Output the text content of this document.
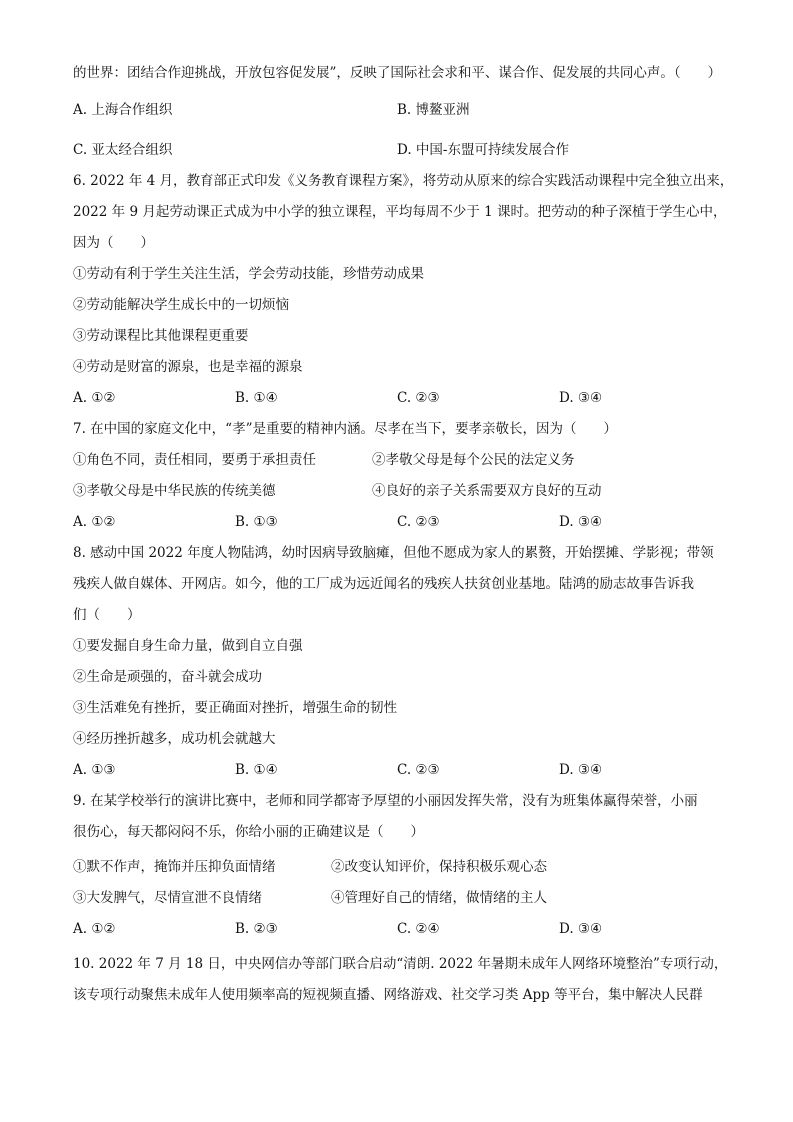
的世界：团结合作迎挑战，开放包容促发展”，反映了国际社会求和平、谋合作、促发展的共同心声。（　　）
A. 上海合作组织	B. 博鳌亚洲
C. 亚太经合组织	D. 中国-东盟可持续发展合作
6. 2022 年 4 月，教育部正式印发《义务教育课程方案》，将劳动从原来的综合实践活动课程中完全独立出来，
2022 年 9 月起劳动课正式成为中小学的独立课程，平均每周不少于 1 课时。把劳动的种子深植于学生心中，
因为（　　）
①劳动有利于学生关注生活，学会劳动技能，珍惜劳动成果
②劳动能解决学生成长中的一切烦恼
③劳动课程比其他课程更重要
④劳动是财富的源泉，也是幸福的源泉
A. ①②	B. ①④	C. ②③	D. ③④
7. 在中国的家庭文化中，“孝”是重要的精神内涵。尽孝在当下，要孝亲敬长，因为（　　）
①角色不同，责任相同，要勇于承担责任	②孝敬父母是每个公民的法定义务
③孝敬父母是中华民族的传统美德	④良好的亲子关系需要双方良好的互动
A. ①②	B. ①③	C. ②③	D. ③④
8. 感动中国 2022 年度人物陆鸿，幼时因病导致脑瘫，但他不愿成为家人的累赘，开始摆摊、学影视；带领
残疾人做自媒体、开网店。如今，他的工厂成为远近闻名的残疾人扶贫创业基地。陆鸿的励志故事告诉我
们（　　）
①要发掘自身生命力量，做到自立自强
②生命是顽强的，奋斗就会成功
③生活难免有挫折，要正确面对挫折，增强生命的韧性
④经历挫折越多，成功机会就越大
A. ①③	B. ①④	C. ②③	D. ③④
9. 在某学校举行的演讲比赛中，老师和同学都寄予厚望的小丽因发挥失常，没有为班集体赢得荣誉，小丽
很伤心，每天都闷闷不乐，你给小丽的正确建议是（　　）
①默不作声，掩饰并压抑负面情绪	②改变认知评价，保持积极乐观心态
③大发脾气，尽情宣泄不良情绪	④管理好自己的情绪，做情绪的主人
A. ①②	B. ②③	C. ②④	D. ③④
10. 2022 年 7 月 18 日，中央网信办等部门联合启动“清朗. 2022 年暑期未成年人网络环境整治”专项行动，
该专项行动聚焦未成年人使用频率高的短视频直播、网络游戏、社交学习类 App 等平台，集中解决人民群
